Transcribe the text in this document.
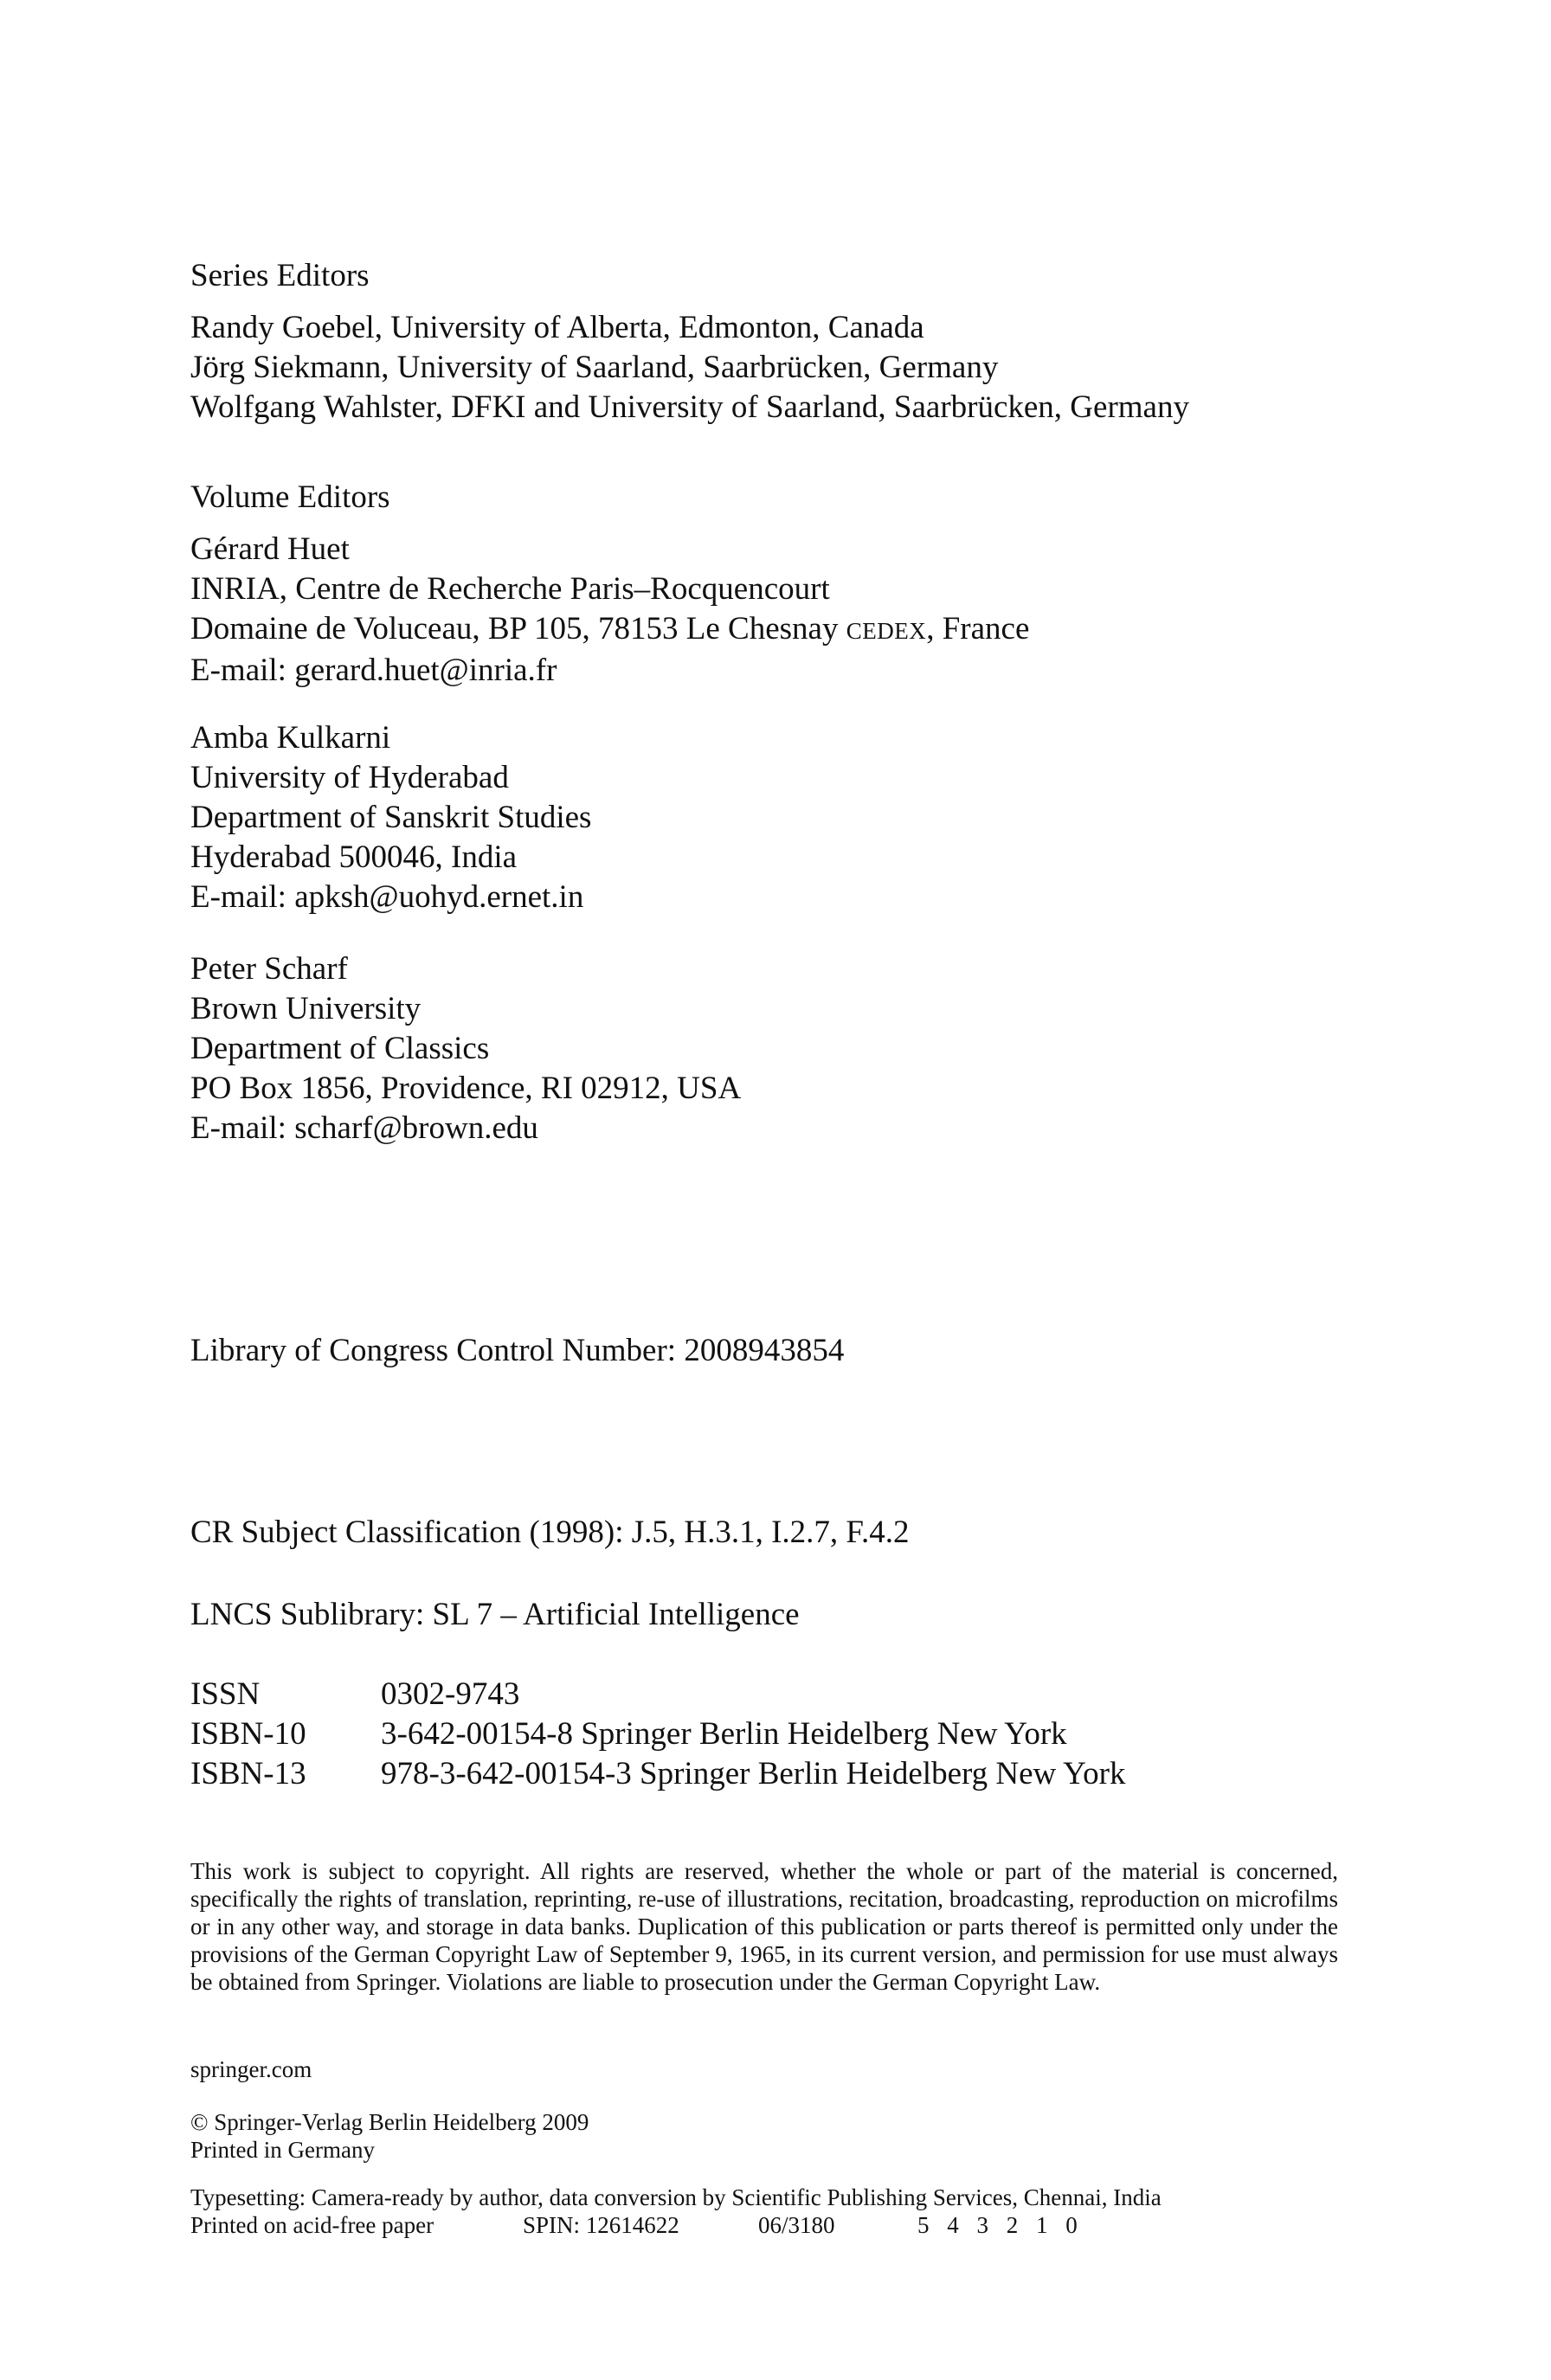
Series Editors
Randy Goebel, University of Alberta, Edmonton, Canada
Jörg Siekmann, University of Saarland, Saarbrücken, Germany
Wolfgang Wahlster, DFKI and University of Saarland, Saarbrücken, Germany
Volume Editors
Gérard Huet
INRIA, Centre de Recherche Paris–Rocquencourt
Domaine de Voluceau, BP 105, 78153 Le Chesnay CEDEX, France
E-mail: gerard.huet@inria.fr
Amba Kulkarni
University of Hyderabad
Department of Sanskrit Studies
Hyderabad 500046, India
E-mail: apksh@uohyd.ernet.in
Peter Scharf
Brown University
Department of Classics
PO Box 1856, Providence, RI 02912, USA
E-mail: scharf@brown.edu
Library of Congress Control Number: 2008943854
CR Subject Classification (1998): J.5, H.3.1, I.2.7, F.4.2
LNCS Sublibrary: SL 7 – Artificial Intelligence
ISSN	0302-9743
ISBN-10 3-642-00154-8 Springer Berlin Heidelberg New York
ISBN-13 978-3-642-00154-3 Springer Berlin Heidelberg New York
This work is subject to copyright. All rights are reserved, whether the whole or part of the material is concerned, specifically the rights of translation, reprinting, re-use of illustrations, recitation, broadcasting, reproduction on microfilms or in any other way, and storage in data banks. Duplication of this publication or parts thereof is permitted only under the provisions of the German Copyright Law of September 9, 1965, in its current version, and permission for use must always be obtained from Springer. Violations are liable to prosecution under the German Copyright Law.
springer.com
© Springer-Verlag Berlin Heidelberg 2009
Printed in Germany
Typesetting: Camera-ready by author, data conversion by Scientific Publishing Services, Chennai, India
Printed on acid-free paper	SPIN: 12614622	06/3180	5 4 3 2 1 0
